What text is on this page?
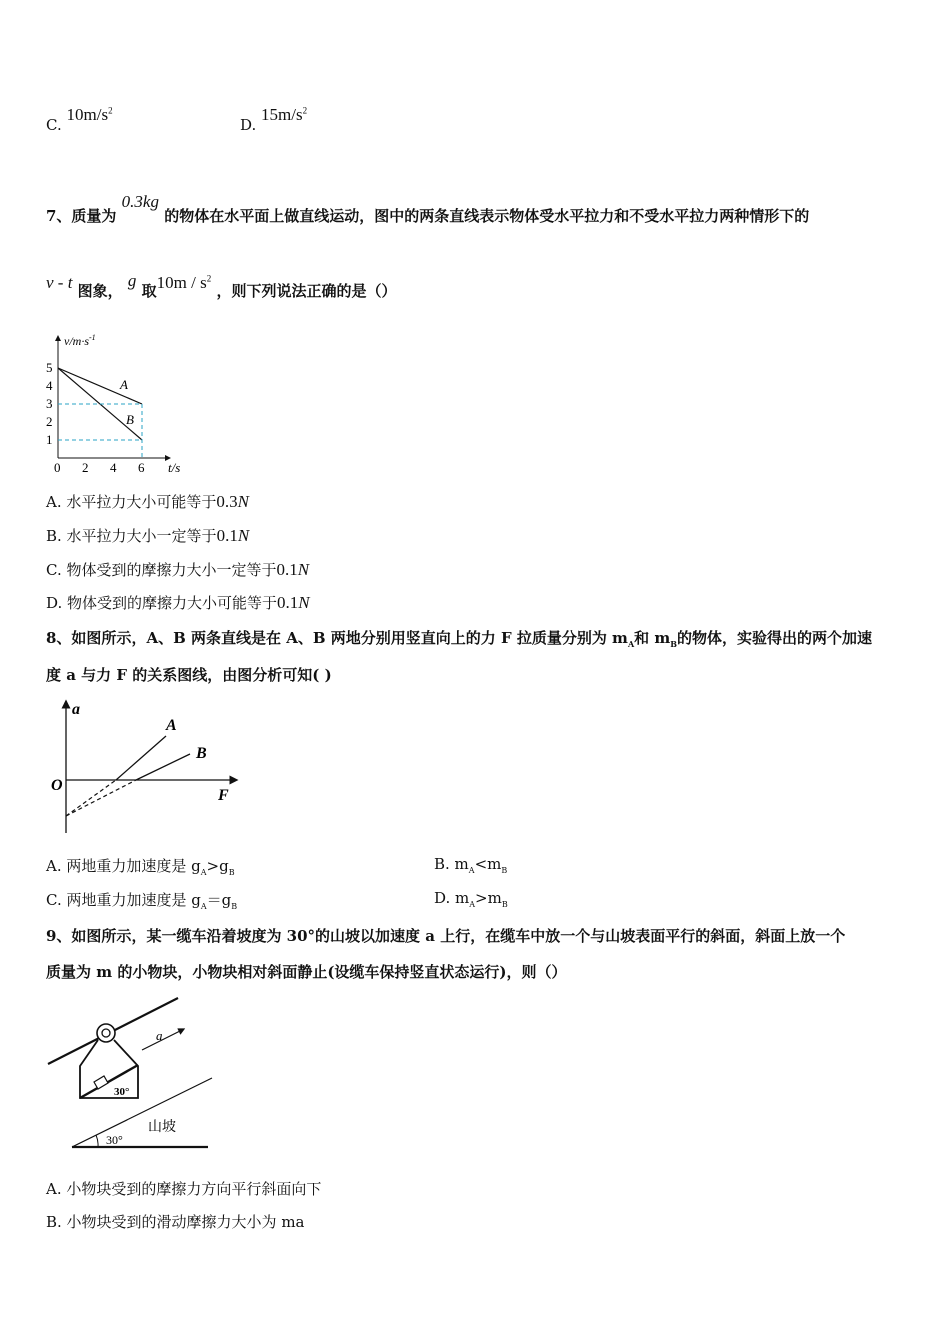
C. $10m/s^2$
D. $15m/s^2$
7、质量为 0.3kg 的物体在水平面上做直线运动，图中的两条直线表示物体受水平拉力和不受水平拉力两种情形下的
v - t 图象， g 取$10m / s^2$ ，则下列说法正确的是（）
$v/m\cdot s^{-1}$
t/s
5
4
3
2
1
0 2 4 6
A
B
A. 水平拉力大小可能等于0.3N
B. 水平拉力大小一定等于0.1N
C. 物体受到的摩擦力大小一定等于0.1N
D. 物体受到的摩擦力大小可能等于0.1N
8、如图所示，A、B 两条直线是在 A、B 两地分别用竖直向上的力 F 拉质量分别为 $m_A$和 $m_B$的物体，实验得出的两个加速
度 a 与力 F 的关系图线，由图分析可知( )
a
F
O
A
B
A. 两地重力加速度是 $g_A>g_B$	B. $m_A<m_B$
C. 两地重力加速度是 $g_A=g_B$	D. $m_A>m_B$
9、如图所示，某一缆车沿着坡度为 30°的山坡以加速度 a 上行，在缆车中放一个与山坡表面平行的斜面，斜面上放一个
质量为 m 的小物块，小物块相对斜面静止(设缆车保持竖直状态运行)，则（）
30°
a
30°
山坡
A. 小物块受到的摩擦力方向平行斜面向下
B. 小物块受到的滑动摩擦力大小为 ma
